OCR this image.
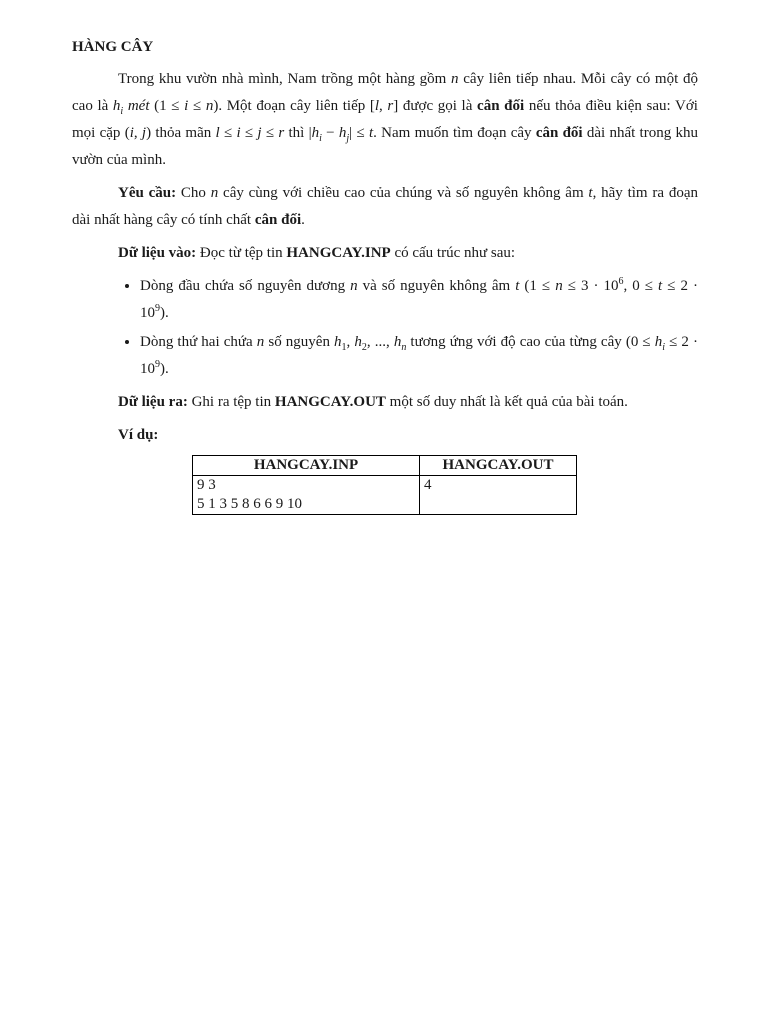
HÀNG CÂY

Trong khu vườn nhà mình, Nam trồng một hàng gồm n cây liên tiếp nhau. Mỗi cây có một độ cao là $h_i$ mét (1 ≤ i ≤ n). Một đoạn cây liên tiếp [l, r] được gọi là cân đối nếu thỏa điều kiện sau: Với mọi cặp (i, j) thỏa mãn l ≤ i ≤ j ≤ r thì $|h_i - h_j| \le t$. Nam muốn tìm đoạn cây cân đối dài nhất trong khu vườn của mình.

Yêu cầu: Cho n cây cùng với chiều cao của chúng và số nguyên không âm t, hãy tìm ra đoạn dài nhất hàng cây có tính chất cân đối.

Dữ liệu vào: Đọc từ tệp tin HANGCAY.INP có cấu trúc như sau:

• Dòng đầu chứa số nguyên dương n và số nguyên không âm t ($1 \le n \le 3 \cdot 10^6$, $0 \le t \le 2 \cdot 10^9$).
• Dòng thứ hai chứa n số nguyên $h_1$, $h_2$, ..., $h_n$ tương ứng với độ cao của từng cây $(0 \le h_i \le 2 \cdot 10^9)$.

Dữ liệu ra: Ghi ra tệp tin HANGCAY.OUT một số duy nhất là kết quả của bài toán.

Ví dụ:

HANGCAY.INP	HANGCAY.OUT

9 3
5 1 3 5 8 6 6 9 10	4
